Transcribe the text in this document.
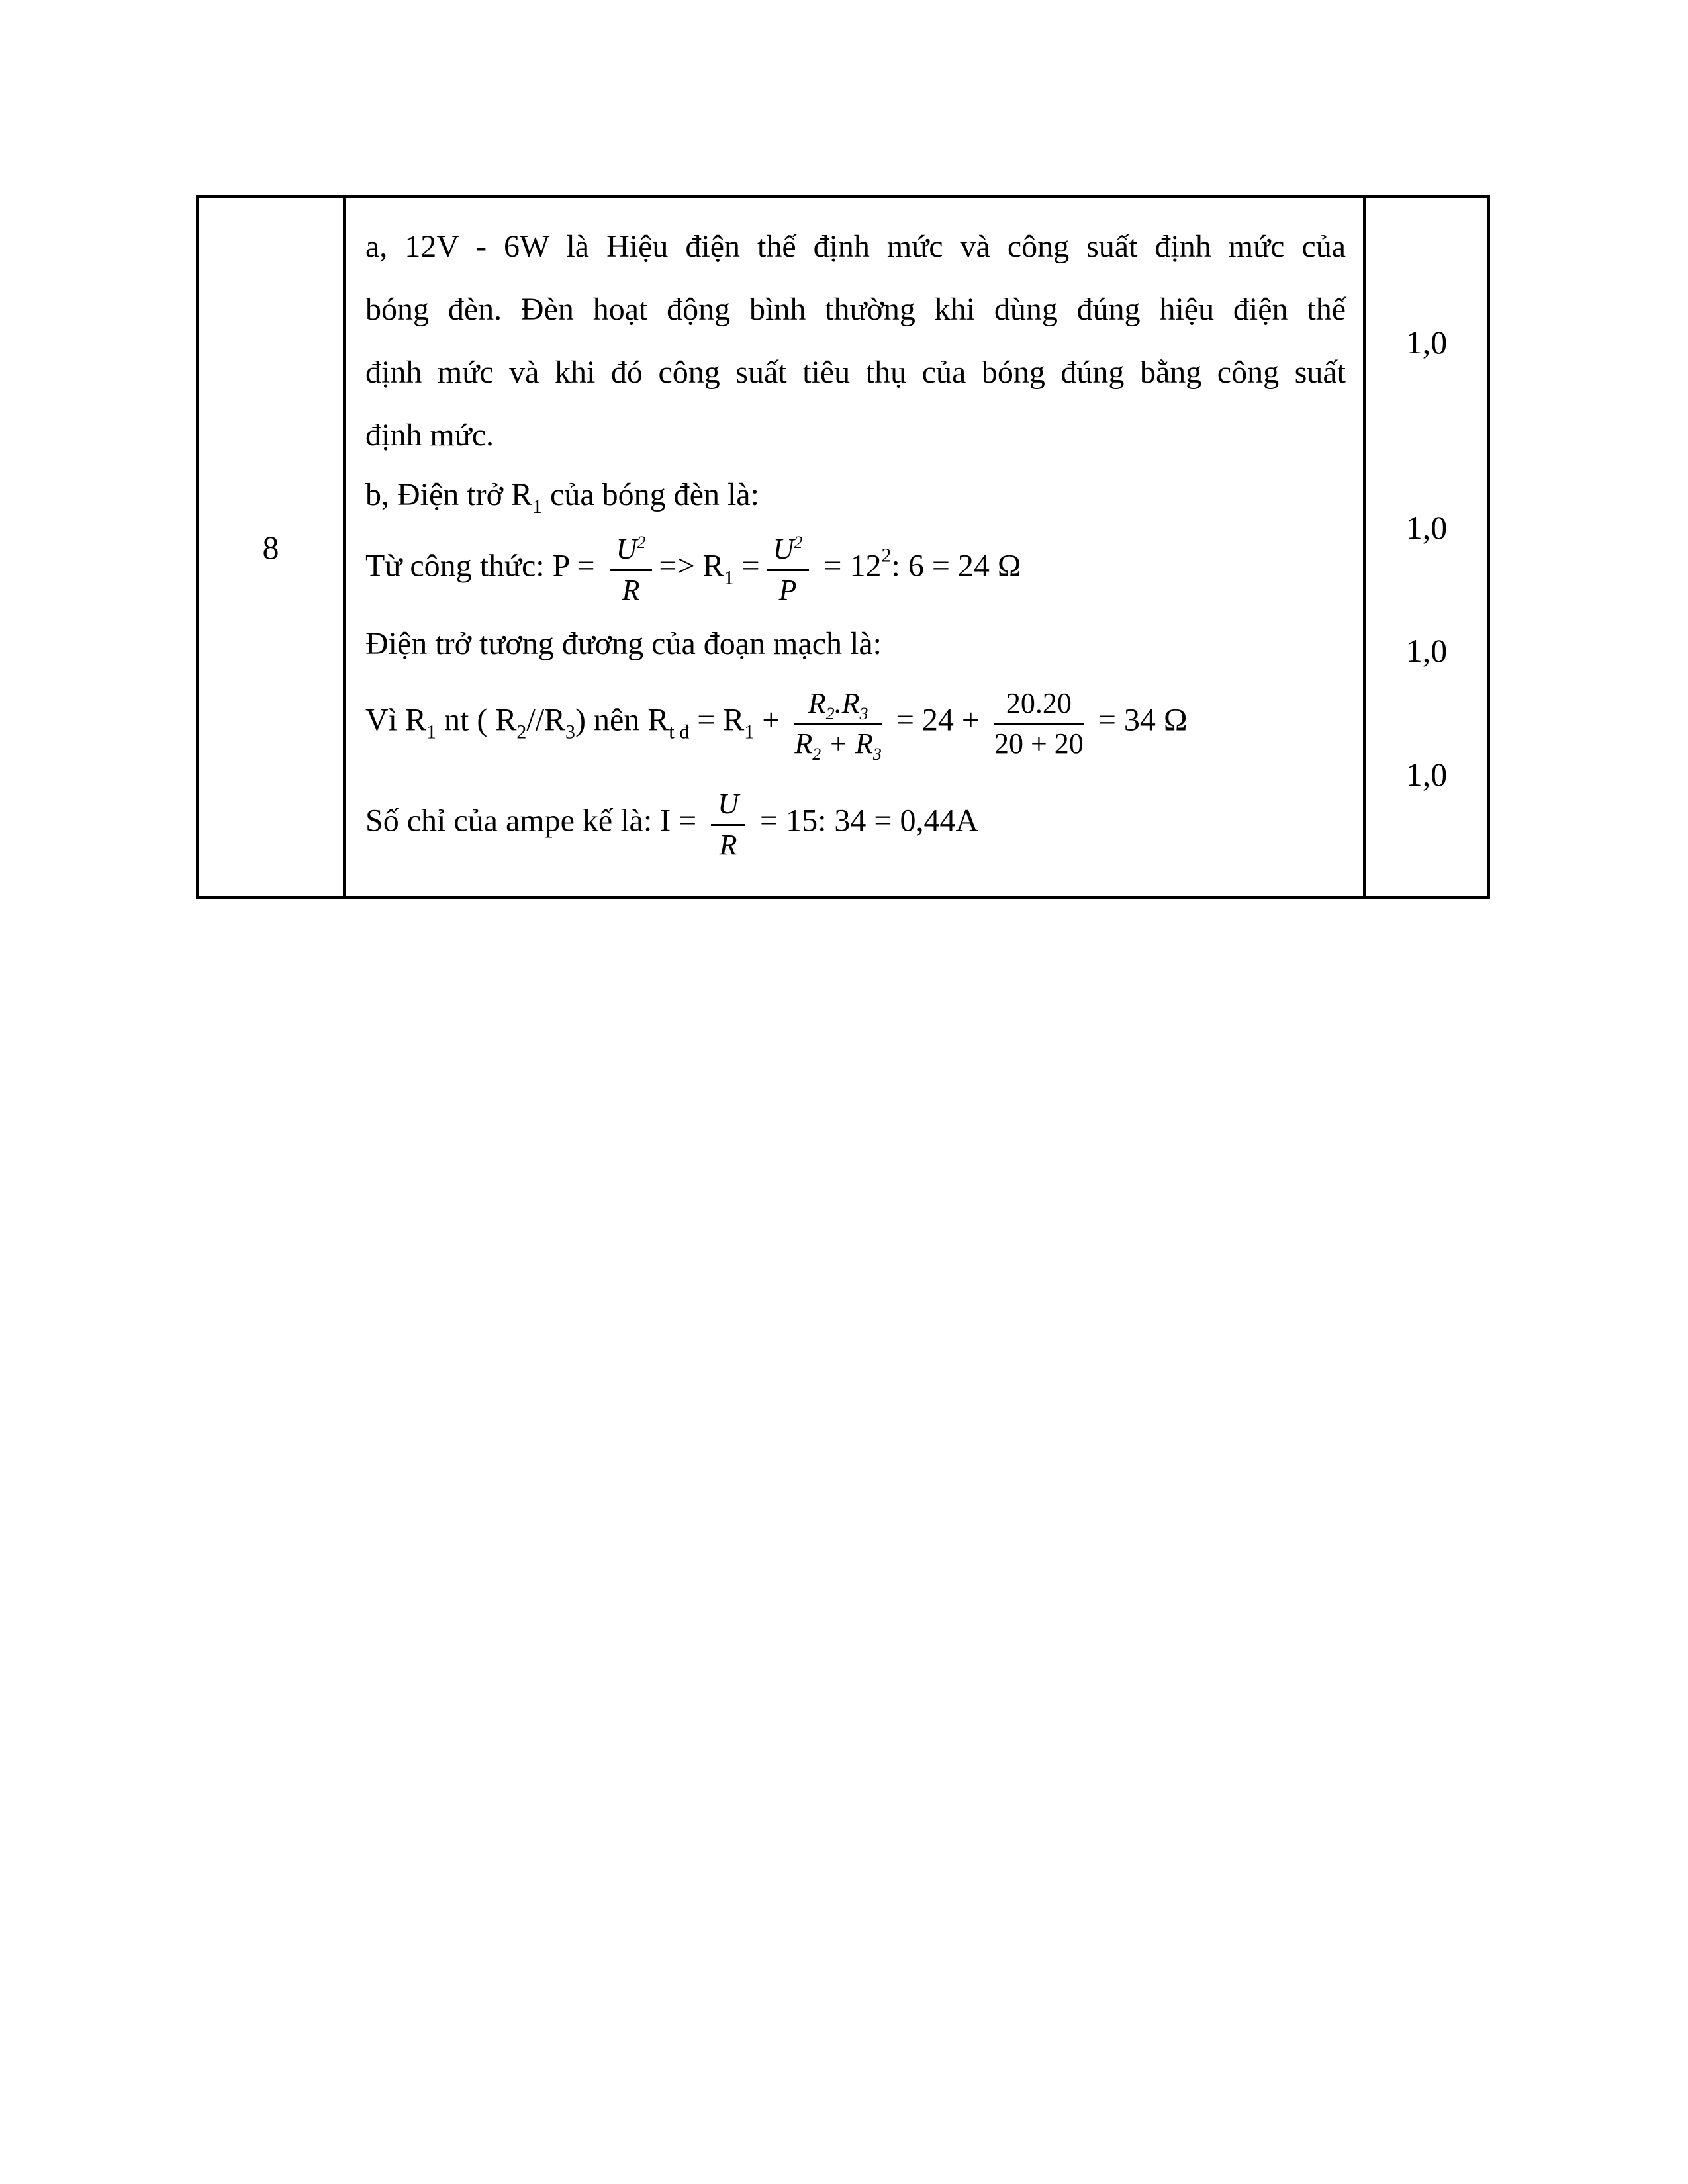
8
a, 12V - 6W là Hiệu điện thế định mức và công suất định mức của
bóng đèn. Đèn hoạt động bình thường khi dùng đúng hiệu điện thế
định mức và khi đó công suất tiêu thụ của bóng đúng bằng công suất
định mức.
b, Điện trở $R_1$ của bóng đèn là:
Từ công thức: $P = \frac{U^2}{R} => R_1 = \frac{U^2}{P} = 12^2$: 6 = 24 Ω
Điện trở tương đương của đoạn mạch là:
Vì $R_1$ nt ( $R_2//R_3$) nên $R_{t đ} = R_1 + \frac{R_2.R_3}{R_2 + R_3} = 24 + \frac{20.20}{20 + 20} = 34$ Ω
Số chỉ của ampe kế là: $I = \frac{U}{R} = 15$: 34 = 0,44A
1,0
1,0
1,0
1,0
